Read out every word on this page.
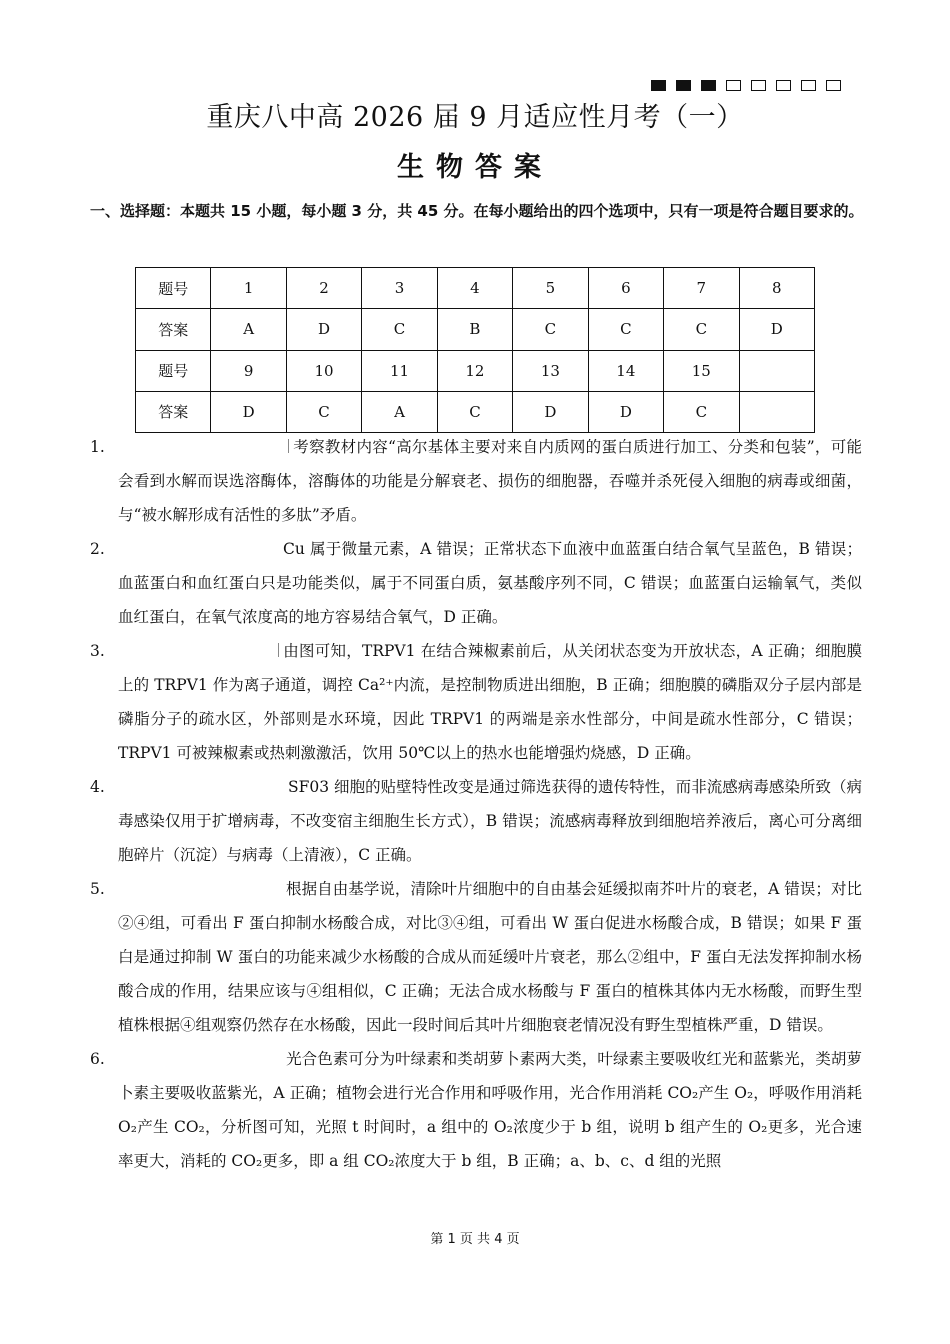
重庆八中高 2026 届 9 月适应性月考（一）
生物答案
一、选择题：本题共 15 小题，每小题 3 分，共 45 分。在每小题给出的四个选项中，只有一项是符合题目要求的。
题号	1	2	3	4	5	6	7	8
答案	A	D	C	B	C	C	C	D
题号	9	10	11	12	13	14	15	
答案	D	C	A	C	D	D	C	
1.	考察教材内容“高尔基体主要对来自内质网的蛋白质进行加工、分类和包装”，可能会看到水解而误选溶酶体，溶酶体的功能是分解衰老、损伤的细胞器，吞噬并杀死侵入细胞的病毒或细菌，与“被水解形成有活性的多肽”矛盾。
2.	Cu 属于微量元素，A 错误；正常状态下血液中血蓝蛋白结合氧气呈蓝色，B 错误；血蓝蛋白和血红蛋白只是功能类似，属于不同蛋白质，氨基酸序列不同，C 错误；血蓝蛋白运输氧气，类似血红蛋白，在氧气浓度高的地方容易结合氧气，D 正确。
3.	由图可知，TRPV1 在结合辣椒素前后，从关闭状态变为开放状态，A 正确；细胞膜上的 TRPV1 作为离子通道，调控 Ca²⁺内流，是控制物质进出细胞，B 正确；细胞膜的磷脂双分子层内部是磷脂分子的疏水区，外部则是水环境，因此 TRPV1 的两端是亲水性部分，中间是疏水性部分，C 错误；TRPV1 可被辣椒素或热刺激激活，饮用 50℃以上的热水也能增强灼烧感，D 正确。
4.	SF03 细胞的贴壁特性改变是通过筛选获得的遗传特性，而非流感病毒感染所致（病毒感染仅用于扩增病毒，不改变宿主细胞生长方式），B 错误；流感病毒释放到细胞培养液后，离心可分离细胞碎片（沉淀）与病毒（上清液），C 正确。
5.	根据自由基学说，清除叶片细胞中的自由基会延缓拟南芥叶片的衰老，A 错误；对比②④组，可看出 F 蛋白抑制水杨酸合成，对比③④组，可看出 W 蛋白促进水杨酸合成，B 错误；如果 F 蛋白是通过抑制 W 蛋白的功能来减少水杨酸的合成从而延缓叶片衰老，那么②组中，F 蛋白无法发挥抑制水杨酸合成的作用，结果应该与④组相似，C 正确；无法合成水杨酸与 F 蛋白的植株其体内无水杨酸，而野生型植株根据④组观察仍然存在水杨酸，因此一段时间后其叶片细胞衰老情况没有野生型植株严重，D 错误。
6.	光合色素可分为叶绿素和类胡萝卜素两大类，叶绿素主要吸收红光和蓝紫光，类胡萝卜素主要吸收蓝紫光，A 正确；植物会进行光合作用和呼吸作用，光合作用消耗 CO₂产生 O₂，呼吸作用消耗 O₂产生 CO₂，分析图可知，光照 t 时间时，a 组中的 O₂浓度少于 b 组，说明 b 组产生的 O₂更多，光合速率更大，消耗的 CO₂更多，即 a 组 CO₂浓度大于 b 组，B 正确；a、b、c、d 组的光照
第 1 页 共 4 页
